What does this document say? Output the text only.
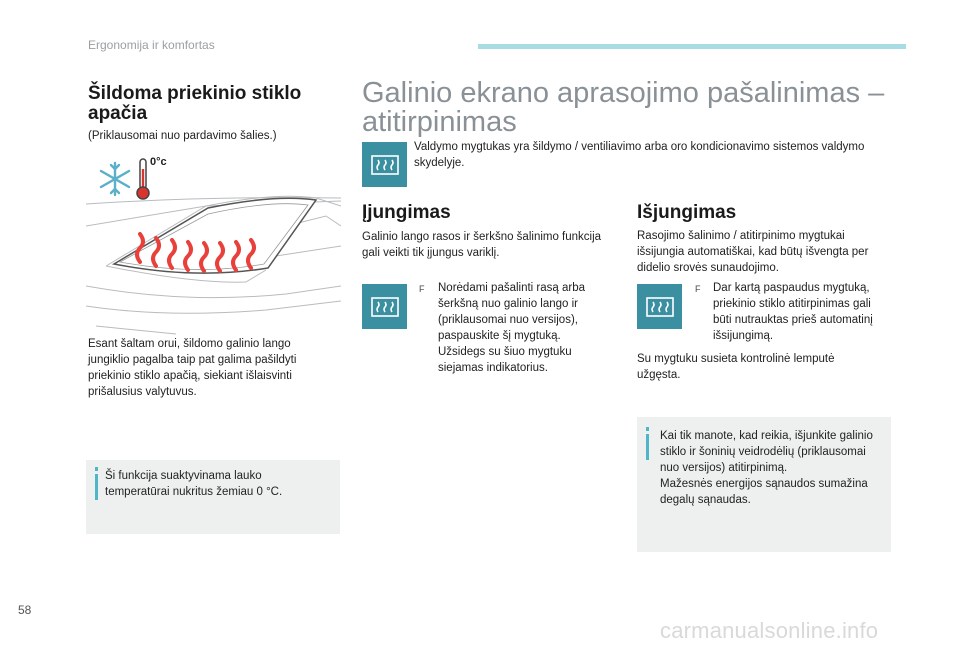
Ergonomija ir komfortas
Šildoma priekinio stiklo
apačia
(Priklausomai nuo pardavimo šalies.)
0°c
Esant šaltam orui, šildomo galinio lango
jungiklio pagalba taip pat galima pašildyti
priekinio stiklo apačią, siekiant išlaisvinti
prišalusius valytuvus.
Ši funkcija suaktyvinama lauko
temperatūrai nukritus žemiau 0 °C.
Galinio ekrano aprasojimo pašalinimas –
atitirpinimas
Valdymo mygtukas yra šildymo / ventiliavimo arba oro kondicionavimo sistemos valdymo
skydelyje.
Įjungimas
Galinio lango rasos ir šerkšno šalinimo funkcija
gali veikti tik įjungus variklį.
F Norėdami pašalinti rasą arba
šerkšną nuo galinio lango ir
(priklausomai nuo versijos),
paspauskite šį mygtuką.
Užsidegs su šiuo mygtuku
siejamas indikatorius.
Išjungimas
Rasojimo šalinimo / atitirpinimo mygtukai
išsijungia automatiškai, kad būtų išvengta per
didelio srovės sunaudojimo.
F Dar kartą paspaudus mygtuką,
priekinio stiklo atitirpinimas gali
būti nutrauktas prieš automatinį
išsijungimą.
Su mygtuku susieta kontrolinė lemputė
užgęsta.
Kai tik manote, kad reikia, išjunkite galinio
stiklo ir šoninių veidrodėlių (priklausomai
nuo versijos) atitirpinimą.
Mažesnės energijos sąnaudos sumažina
degalų sąnaudas.
58
carmanualsonline.info
